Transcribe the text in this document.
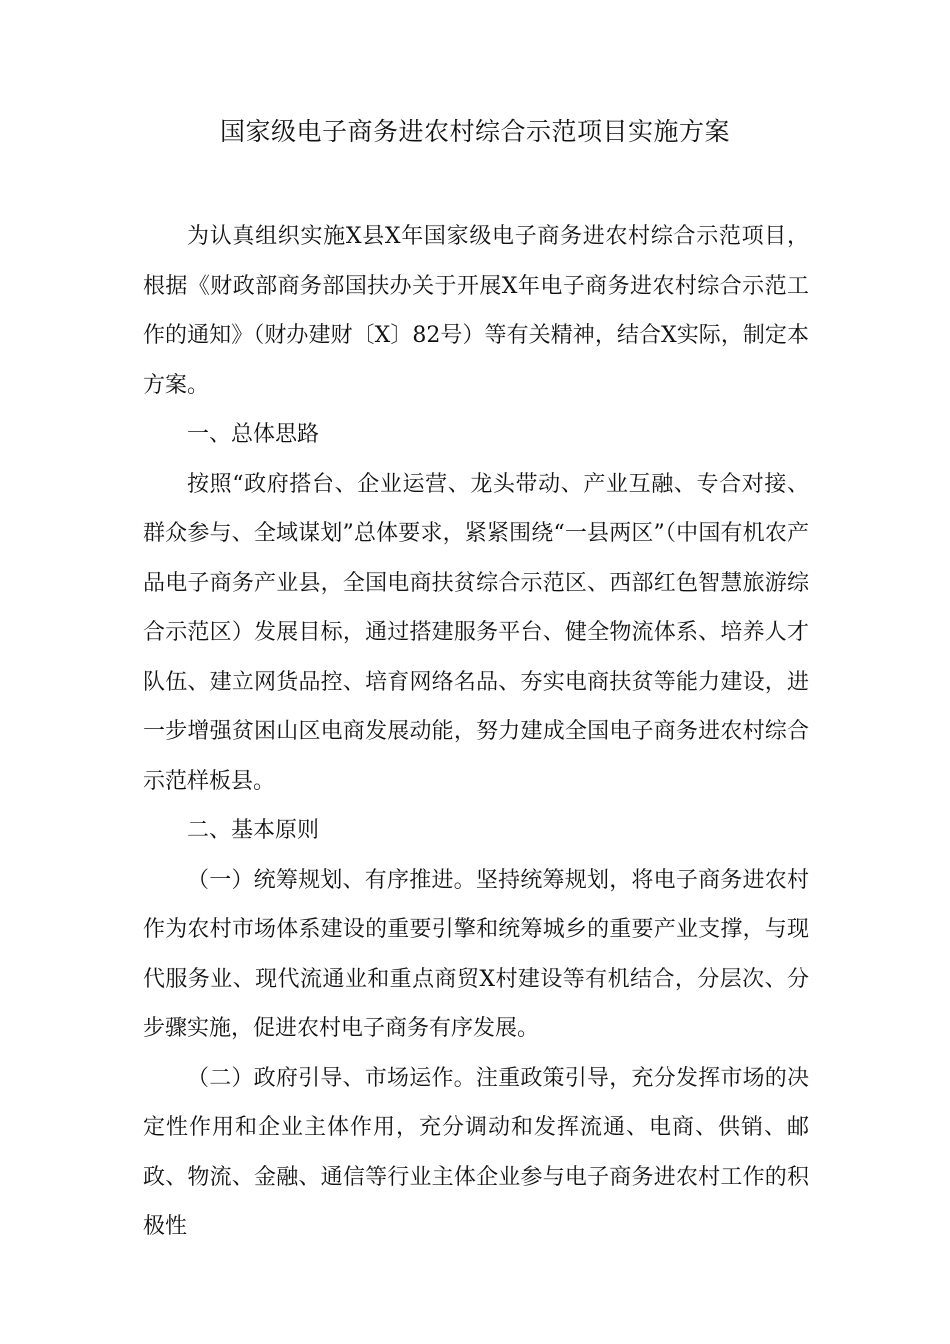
国家级电子商务进农村综合示范项目实施方案

为认真组织实施X县X年国家级电子商务进农村综合示范项目，根据《财政部商务部国扶办关于开展X年电子商务进农村综合示范工作的通知》（财办建财〔X〕82号）等有关精神，结合X实际，制定本方案。

一、总体思路

按照“政府搭台、企业运营、龙头带动、产业互融、专合对接、群众参与、全域谋划”总体要求，紧紧围绕“一县两区”（中国有机农产品电子商务产业县，全国电商扶贫综合示范区、西部红色智慧旅游综合示范区）发展目标，通过搭建服务平台、健全物流体系、培养人才队伍、建立网货品控、培育网络名品、夯实电商扶贫等能力建设，进一步增强贫困山区电商发展动能，努力建成全国电子商务进农村综合示范样板县。

二、基本原则

（一）统筹规划、有序推进。坚持统筹规划，将电子商务进农村作为农村市场体系建设的重要引擎和统筹城乡的重要产业支撑，与现代服务业、现代流通业和重点商贸X村建设等有机结合，分层次、分步骤实施，促进农村电子商务有序发展。

（二）政府引导、市场运作。注重政策引导，充分发挥市场的决定性作用和企业主体作用，充分调动和发挥流通、电商、供销、邮政、物流、金融、通信等行业主体企业参与电子商务进农村工作的积极性
